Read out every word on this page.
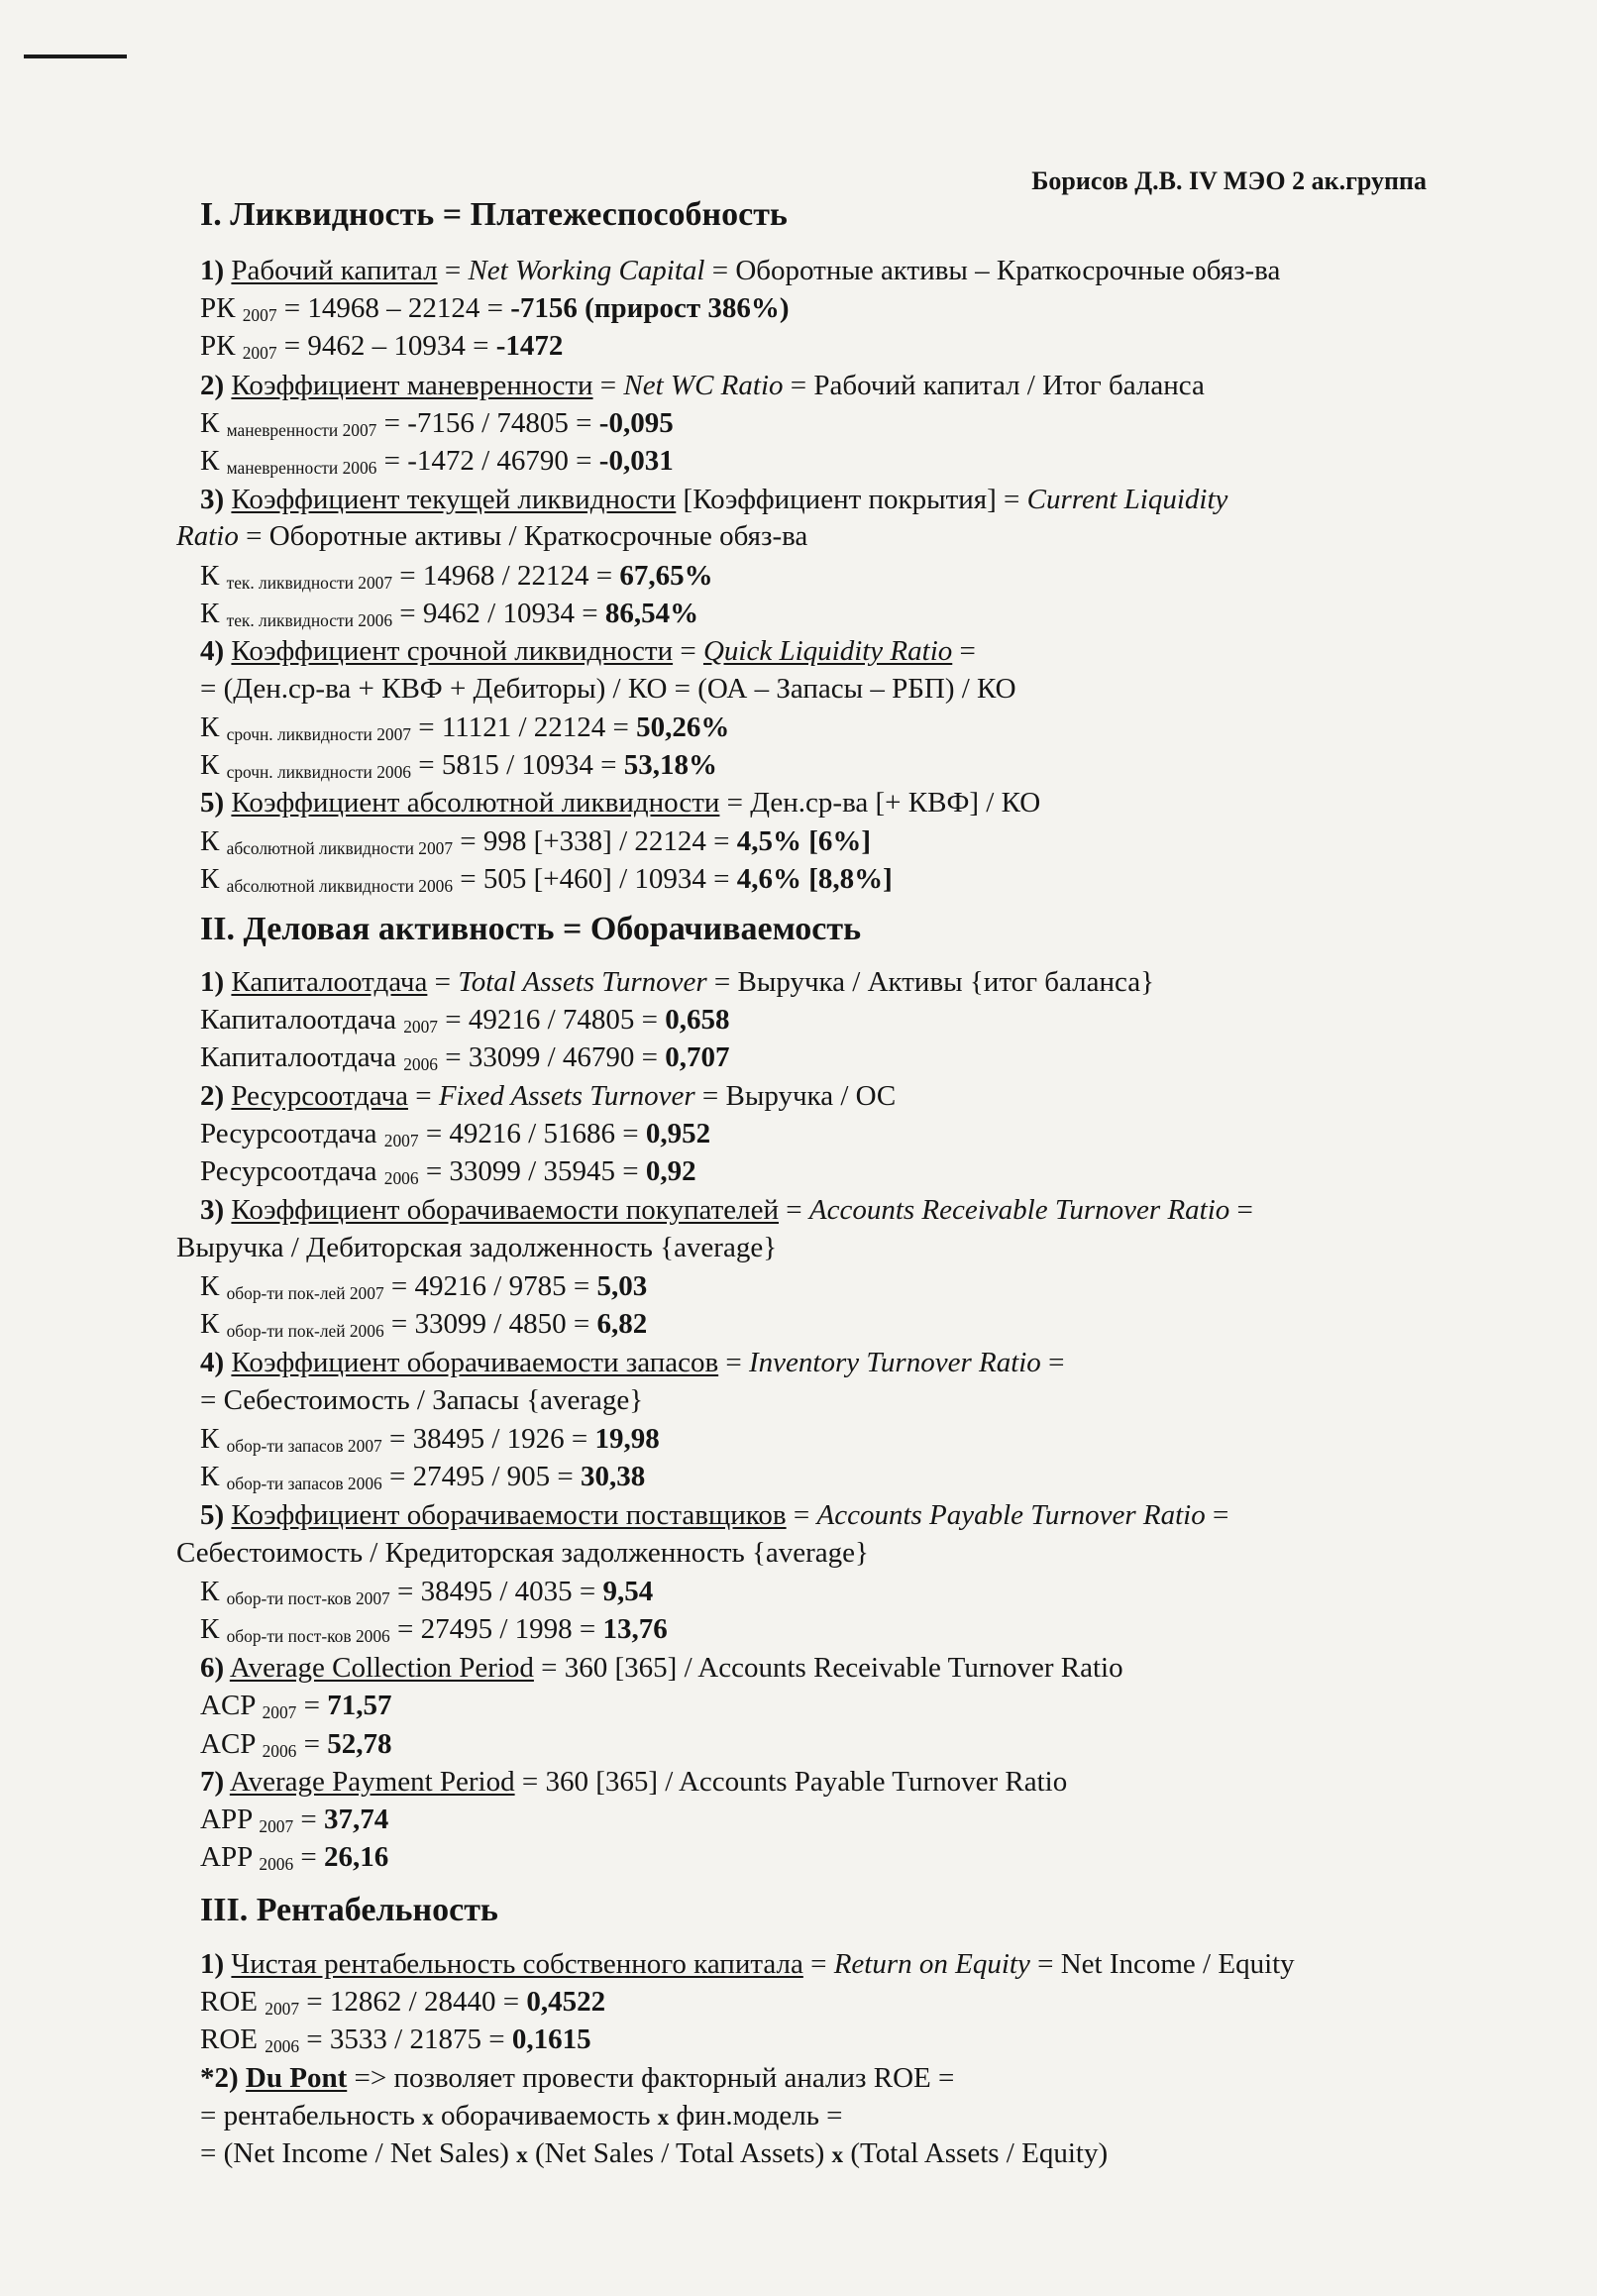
Борисов Д.В. IV МЭО 2 ак.группа
I. Ликвидность = Платежеспособность
1) Рабочий капитал = Net Working Capital = Оборотные активы – Краткосрочные обяз-ва
РК $_{2007}$ = 14968 – 22124 = -7156 (прирост 386%)
РК $_{2007}$ = 9462 – 10934 = -1472
2) Коэффициент маневренности = Net WC Ratio = Рабочий капитал / Итог баланса
К $_{маневренности 2007}$ = -7156 / 74805 = -0,095
К $_{маневренности 2006}$ = -1472 / 46790 = -0,031
3) Коэффициент текущей ликвидности [Коэффициент покрытия] = Current Liquidity
Ratio = Оборотные активы / Краткосрочные обяз-ва
К $_{тек. ликвидности 2007}$ = 14968 / 22124 = 67,65%
К $_{тек. ликвидности 2006}$ = 9462 / 10934 = 86,54%
4) Коэффициент срочной ликвидности = Quick Liquidity Ratio =
= (Ден.ср-ва + КВФ + Дебиторы) / КО = (ОА – Запасы – РБП) / КО
К $_{срочн. ликвидности 2007}$ = 11121 / 22124 = 50,26%
К $_{срочн. ликвидности 2006}$ = 5815 / 10934 = 53,18%
5) Коэффициент абсолютной ликвидности = Ден.ср-ва [+ КВФ] / КО
К $_{абсолютной ликвидности 2007}$ = 998 [+338] / 22124 = 4,5% [6%]
К $_{абсолютной ликвидности 2006}$ = 505 [+460] / 10934 = 4,6% [8,8%]
II. Деловая активность = Оборачиваемость
1) Капиталоотдача = Total Assets Turnover = Выручка / Активы {итог баланса}
Капиталоотдача $_{2007}$ = 49216 / 74805 = 0,658
Капиталоотдача $_{2006}$ = 33099 / 46790 = 0,707
2) Ресурсоотдача = Fixed Assets Turnover = Выручка / ОС
Ресурсоотдача $_{2007}$ = 49216 / 51686 = 0,952
Ресурсоотдача $_{2006}$ = 33099 / 35945 = 0,92
3) Коэффициент оборачиваемости покупателей = Accounts Receivable Turnover Ratio =
Выручка / Дебиторская задолженность {average}
К $_{обор-ти пок-лей 2007}$ = 49216 / 9785 = 5,03
К $_{обор-ти пок-лей 2006}$ = 33099 / 4850 = 6,82
4) Коэффициент оборачиваемости запасов = Inventory Turnover Ratio =
= Себестоимость / Запасы {average}
К $_{обор-ти запасов 2007}$ = 38495 / 1926 = 19,98
К $_{обор-ти запасов 2006}$ = 27495 / 905 = 30,38
5) Коэффициент оборачиваемости поставщиков = Accounts Payable Turnover Ratio =
Себестоимость / Кредиторская задолженность {average}
К $_{обор-ти пост-ков 2007}$ = 38495 / 4035 = 9,54
К $_{обор-ти пост-ков 2006}$ = 27495 / 1998 = 13,76
6) Average Collection Period = 360 [365] / Accounts Receivable Turnover Ratio
ACP $_{2007}$ = 71,57
ACP $_{2006}$ = 52,78
7) Average Payment Period = 360 [365] / Accounts Payable Turnover Ratio
APP $_{2007}$ = 37,74
APP $_{2006}$ = 26,16
III. Рентабельность
1) Чистая рентабельность собственного капитала = Return on Equity = Net Income / Equity
ROE $_{2007}$ = 12862 / 28440 = 0,4522
ROE $_{2006}$ = 3533 / 21875 = 0,1615
*2) Du Pont => позволяет провести факторный анализ ROE =
= рентабельность x оборачиваемость x фин.модель =
= (Net Income / Net Sales) x (Net Sales / Total Assets) x (Total Assets / Equity)
